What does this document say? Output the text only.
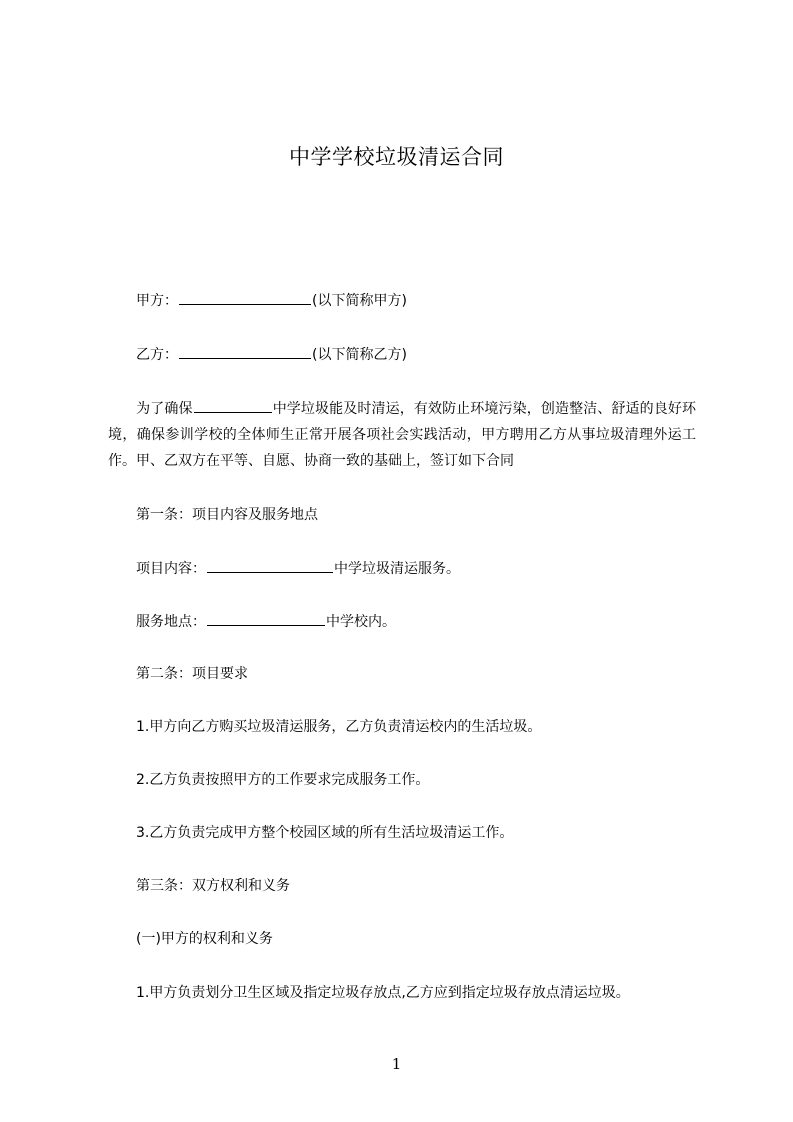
中学学校垃圾清运合同
甲方：	(以下简称甲方)
乙方：	(以下简称乙方)
为了确保	中学垃圾能及时清运，有效防止环境污染，创造整洁、舒适的良好环境，确保参训学校的全体师生正常开展各项社会实践活动，甲方聘用乙方从事垃圾清理外运工作。甲、乙双方在平等、自愿、协商一致的基础上，签订如下合同
第一条：项目内容及服务地点
项目内容：	中学垃圾清运服务。
服务地点：	中学校内。
第二条：项目要求
1.甲方向乙方购买垃圾清运服务，乙方负责清运校内的生活垃圾。
2.乙方负责按照甲方的工作要求完成服务工作。
3.乙方负责完成甲方整个校园区域的所有生活垃圾清运工作。
第三条：双方权利和义务
(一)甲方的权利和义务
1.甲方负责划分卫生区域及指定垃圾存放点,乙方应到指定垃圾存放点清运垃圾。
1
